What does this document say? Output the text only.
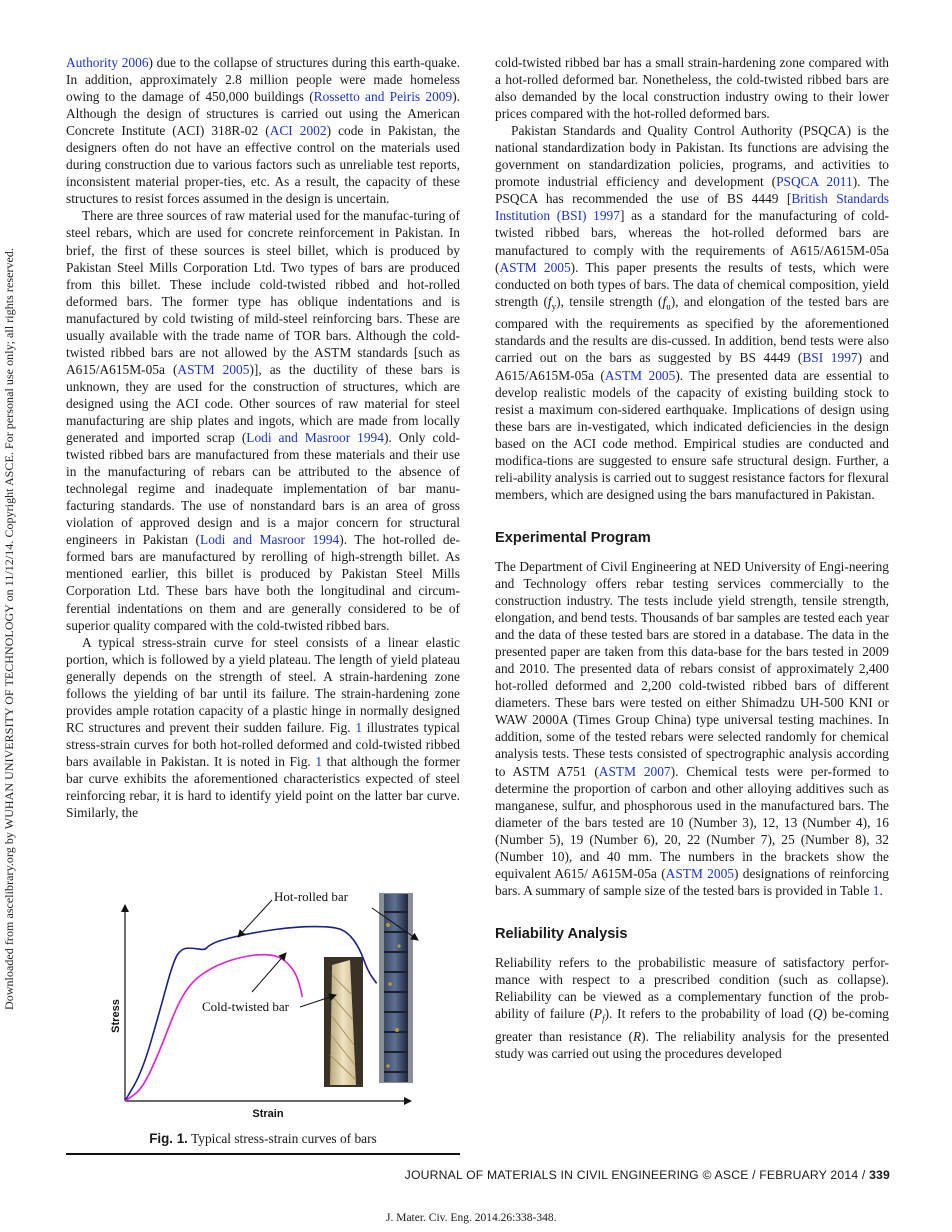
Downloaded from ascelibrary.org by WUHAN UNIVERSITY OF TECHNOLOGY on 11/12/14. Copyright ASCE. For personal use only; all rights reserved.

Authority 2006) due to the collapse of structures during this earth-quake. In addition, approximately 2.8 million people were made homeless owing to the damage of 450,000 buildings (Rossetto and Peiris 2009). Although the design of structures is carried out using the American Concrete Institute (ACI) 318R-02 (ACI 2002) code in Pakistan, the designers often do not have an effective control on the materials used during construction due to various factors such as unreliable test reports, inconsistent material proper-ties, etc. As a result, the capacity of these structures to resist forces assumed in the design is uncertain.

There are three sources of raw material used for the manufac-turing of steel rebars, which are used for concrete reinforcement in Pakistan. In brief, the first of these sources is steel billet, which is produced by Pakistan Steel Mills Corporation Ltd. Two types of bars are produced from this billet. These include cold-twisted ribbed and hot-rolled deformed bars. The former type has oblique indentations and is manufactured by cold twisting of mild-steel reinforcing bars. These are usually available with the trade name of TOR bars. Although the cold-twisted ribbed bars are not allowed by the ASTM standards [such as A615/A615M-05a (ASTM 2005)], as the ductility of these bars is unknown, they are used for the construction of structures, which are designed using the ACI code. Other sources of raw material for steel manufacturing are ship plates and ingots, which are made from locally generated and imported scrap (Lodi and Masroor 1994). Only cold-twisted ribbed bars are manufactured from these materials and their use in the manufacturing of rebars can be attributed to the absence of technolegal regime and inadequate implementation of bar manu-facturing standards. The use of nonstandard bars is an area of gross violation of approved design and is a major concern for structural engineers in Pakistan (Lodi and Masroor 1994). The hot-rolled de-formed bars are manufactured by rerolling of high-strength billet. As mentioned earlier, this billet is produced by Pakistan Steel Mills Corporation Ltd. These bars have both the longitudinal and circum-ferential indentations on them and are generally considered to be of superior quality compared with the cold-twisted ribbed bars.

A typical stress-strain curve for steel consists of a linear elastic portion, which is followed by a yield plateau. The length of yield plateau generally depends on the strength of steel. A strain-hardening zone follows the yielding of bar until its failure. The strain-hardening zone provides ample rotation capacity of a plastic hinge in normally designed RC structures and prevent their sudden failure. Fig. 1 illustrates typical stress-strain curves for both hot-rolled deformed and cold-twisted ribbed bars available in Pakistan. It is noted in Fig. 1 that although the former bar curve exhibits the aforementioned characteristics expected of steel reinforcing rebar, it is hard to identify yield point on the latter bar curve. Similarly, the

Stress
Strain
Hot-rolled bar
Cold-twisted bar
Fig. 1. Typical stress-strain curves of bars

cold-twisted ribbed bar has a small strain-hardening zone compared with a hot-rolled deformed bar. Nonetheless, the cold-twisted ribbed bars are also demanded by the local construction industry owing to their lower prices compared with the hot-rolled deformed bars.

Pakistan Standards and Quality Control Authority (PSQCA) is the national standardization body in Pakistan. Its functions are advising the government on standardization policies, programs, and activities to promote industrial efficiency and development (PSQCA 2011). The PSQCA has recommended the use of BS 4449 [British Standards Institution (BSI) 1997] as a standard for the manufacturing of cold-twisted ribbed bars, whereas the hot-rolled deformed bars are manufactured to comply with the requirements of A615/A615M-05a (ASTM 2005). This paper presents the results of tests, which were conducted on both types of bars. The data of chemical composition, yield strength $(f_y)$, tensile strength $(f_u)$, and elongation of the tested bars are compared with the requirements as specified by the aforementioned standards and the results are dis-cussed. In addition, bend tests were also carried out on the bars as suggested by BS 4449 (BSI 1997) and A615/A615M-05a (ASTM 2005). The presented data are essential to develop realistic models of the capacity of existing building stock to resist a maximum con-sidered earthquake. Implications of design using these bars are in-vestigated, which indicated deficiencies in the design based on the ACI code method. Empirical studies are conducted and modifica-tions are suggested to ensure safe structural design. Further, a reli-ability analysis is carried out to suggest resistance factors for flexural members, which are designed using the bars manufactured in Pakistan.

Experimental Program

The Department of Civil Engineering at NED University of Engi-neering and Technology offers rebar testing services commercially to the construction industry. The tests include yield strength, tensile strength, elongation, and bend tests. Thousands of bar samples are tested each year and the data of these tested bars are stored in a database. The data in the presented paper are taken from this data-base for the bars tested in 2009 and 2010. The presented data of rebars consist of approximately 2,400 hot-rolled deformed and 2,200 cold-twisted ribbed bars of different diameters. These bars were tested on either Shimadzu UH-500 KNI or WAW 2000A (Times Group China) type universal testing machines. In addition, some of the tested rebars were selected randomly for chemical analysis tests. These tests consisted of spectrographic analysis according to ASTM A751 (ASTM 2007). Chemical tests were per-formed to determine the proportion of carbon and other alloying additives such as manganese, sulfur, and phosphorous used in the manufactured bars. The diameter of the bars tested are 10 (Number 3), 12, 13 (Number 4), 16 (Number 5), 19 (Number 6), 20, 22 (Number 7), 25 (Number 8), 32 (Number 10), and 40 mm. The numbers in the brackets show the equivalent A615/ A615M-05a (ASTM 2005) designations of reinforcing bars. A summary of sample size of the tested bars is provided in Table 1.

Reliability Analysis

Reliability refers to the probabilistic measure of satisfactory perfor-mance with respect to a prescribed condition (such as collapse). Reliability can be viewed as a complementary function of the prob-ability of failure $(P_f)$. It refers to the probability of load (Q) be-coming greater than resistance (R). The reliability analysis for the presented study was carried out using the procedures developed

JOURNAL OF MATERIALS IN CIVIL ENGINEERING © ASCE / FEBRUARY 2014 / 339
J. Mater. Civ. Eng. 2014.26:338-348.
